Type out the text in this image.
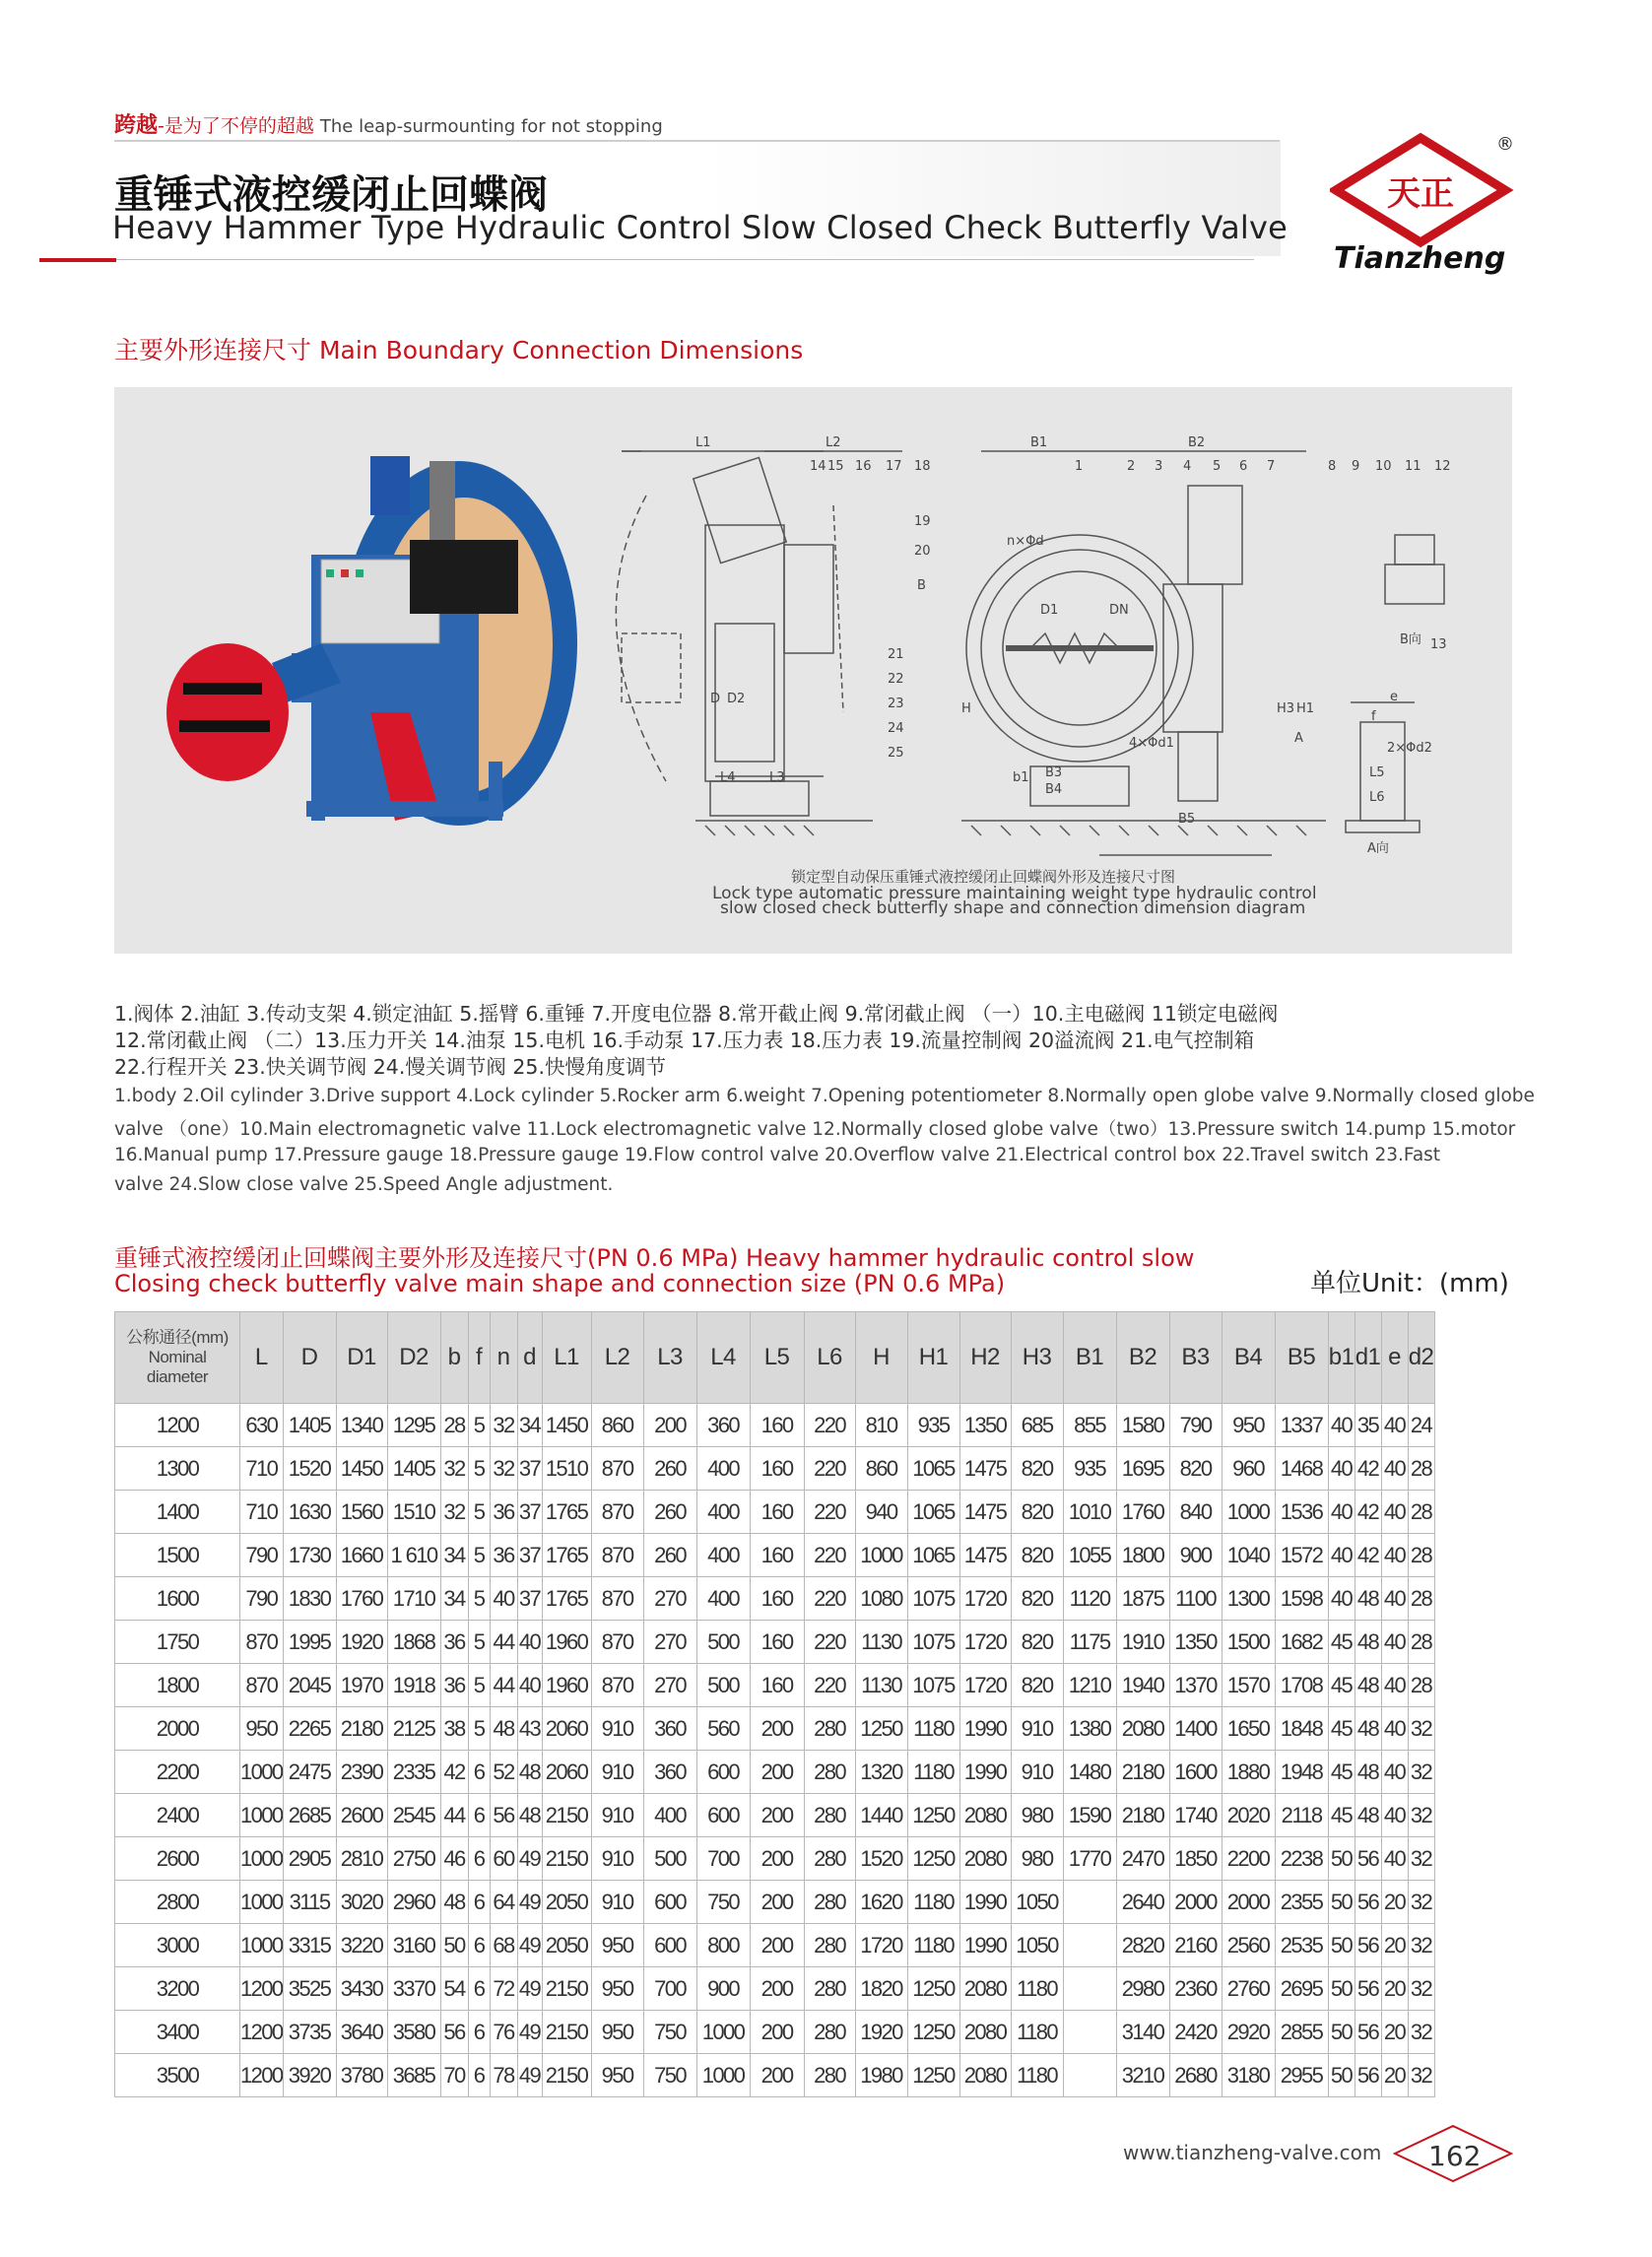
跨越-是为了不停的超越 The leap-surmounting for not stopping
重锤式液控缓闭止回蝶阀
Heavy Hammer Type Hydraulic Control Slow Closed Check Butterfly Valve
天正
®
Tianzheng
主要外形连接尺寸 Main Boundary Connection Dimensions
L1	L2
14 15 16 17 18
19
20
B
21
22
23
24
25
D D2
L4	L3
B1	B2
1	2 3 4 5 6 7	8 9 10 11 12
13
B向
n×Φd
D1	DN
4×Φd1
H	H1
H3
A
B3
B4
B5
b1
e
2×Φd2
f
L5
L6
A向
锁定型自动保压重锤式液控缓闭止回蝶阀外形及连接尺寸图
Lock type automatic pressure maintaining weight type hydraulic control
slow closed check butterfly shape and connection dimension diagram
1.阀体 2.油缸 3.传动支架 4.锁定油缸 5.摇臂 6.重锤 7.开度电位器 8.常开截止阀 9.常闭截止阀 （一）10.主电磁阀 11锁定电磁阀
12.常闭截止阀 （二）13.压力开关 14.油泵 15.电机 16.手动泵 17.压力表 18.压力表 19.流量控制阀 20溢流阀 21.电气控制箱
22.行程开关 23.快关调节阀 24.慢关调节阀 25.快慢角度调节
1.body 2.Oil cylinder 3.Drive support 4.Lock cylinder 5.Rocker arm 6.weight 7.Opening potentiometer 8.Normally open globe valve 9.Normally closed globe
valve （one）10.Main electromagnetic valve 11.Lock electromagnetic valve 12.Normally closed globe valve（two）13.Pressure switch 14.pump 15.motor
16.Manual pump 17.Pressure gauge 18.Pressure gauge 19.Flow control valve 20.Overflow valve 21.Electrical control box 22.Travel switch 23.Fast
valve 24.Slow close valve 25.Speed Angle adjustment.
重锤式液控缓闭止回蝶阀主要外形及连接尺寸(PN 0.6 MPa) Heavy hammer hydraulic control slow
Closing check butterfly valve main shape and connection size (PN 0.6 MPa)	单位Unit：(mm)
公称通径(mm)
Nominal
diameter	L	D	D1	D2	b	f	n	d	L1	L2	L3	L4	L5	L6	H	H1	H2	H3	B1	B2	B3	B4	B5	b1	d1	e	d2
1200	630	1405	1340	1295	28	5	32	34	1450	860	200	360	160	220	810	935	1350	685	855	1580	790	950	1337	40	35	40	24
1300	710	1520	1450	1405	32	5	32	37	1510	870	260	400	160	220	860	1065	1475	820	935	1695	820	960	1468	40	42	40	28
1400	710	1630	1560	1510	32	5	36	37	1765	870	260	400	160	220	940	1065	1475	820	1010	1760	840	1000	1536	40	42	40	28
1500	790	1730	1660	1 610	34	5	36	37	1765	870	260	400	160	220	1000	1065	1475	820	1055	1800	900	1040	1572	40	42	40	28
1600	790	1830	1760	1710	34	5	40	37	1765	870	270	400	160	220	1080	1075	1720	820	1120	1875	1100	1300	1598	40	48	40	28
1750	870	1995	1920	1868	36	5	44	40	1960	870	270	500	160	220	1130	1075	1720	820	1175	1910	1350	1500	1682	45	48	40	28
1800	870	2045	1970	1918	36	5	44	40	1960	870	270	500	160	220	1130	1075	1720	820	1210	1940	1370	1570	1708	45	48	40	28
2000	950	2265	2180	2125	38	5	48	43	2060	910	360	560	200	280	1250	1180	1990	910	1380	2080	1400	1650	1848	45	48	40	32
2200	1000	2475	2390	2335	42	6	52	48	2060	910	360	600	200	280	1320	1180	1990	910	1480	2180	1600	1880	1948	45	48	40	32
2400	1000	2685	2600	2545	44	6	56	48	2150	910	400	600	200	280	1440	1250	2080	980	1590	2180	1740	2020	2118	45	48	40	32
2600	1000	2905	2810	2750	46	6	60	49	2150	910	500	700	200	280	1520	1250	2080	980	1770	2470	1850	2200	2238	50	56	40	32
2800	1000	3115	3020	2960	48	6	64	49	2050	910	600	750	200	280	1620	1180	1990	1050		2640	2000	2000	2355	50	56	20	32
3000	1000	3315	3220	3160	50	6	68	49	2050	950	600	800	200	280	1720	1180	1990	1050		2820	2160	2560	2535	50	56	20	32
3200	1200	3525	3430	3370	54	6	72	49	2150	950	700	900	200	280	1820	1250	2080	1180		2980	2360	2760	2695	50	56	20	32
3400	1200	3735	3640	3580	56	6	76	49	2150	950	750	1000	200	280	1920	1250	2080	1180		3140	2420	2920	2855	50	56	20	32
3500	1200	3920	3780	3685	70	6	78	49	2150	950	750	1000	200	280	1980	1250	2080	1180		3210	2680	3180	2955	50	56	20	32
www.tianzheng-valve.com 162
